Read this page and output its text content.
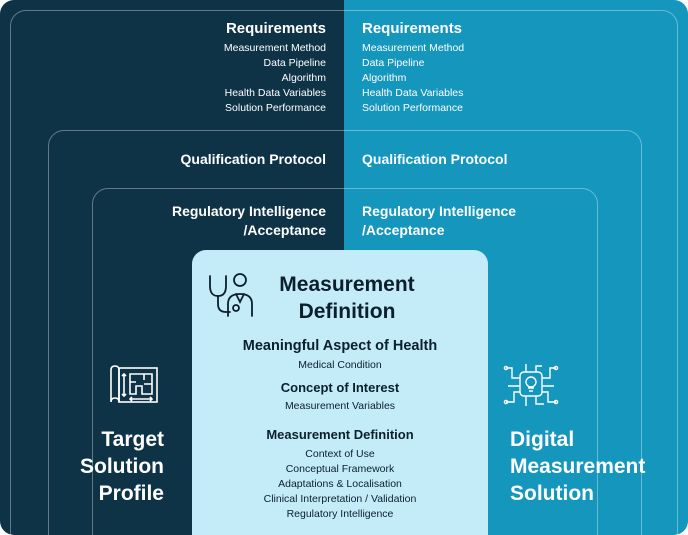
Requirements
Measurement Method
Data Pipeline
Algorithm
Health Data Variables
Solution Performance
Requirements
Measurement Method
Data Pipeline
Algorithm
Health Data Variables
Solution Performance
Qualification Protocol	Qualification Protocol
Regulatory Intelligence
/Acceptance
Regulatory Intelligence
/Acceptance
Target
Solution
Profile
Digital
Measurement
Solution
Measurement
Definition
Meaningful Aspect of Health
Medical Condition
Concept of Interest
Measurement Variables
Measurement Definition
Context of Use
Conceptual Framework
Adaptations & Localisation
Clinical Interpretation / Validation
Regulatory Intelligence
